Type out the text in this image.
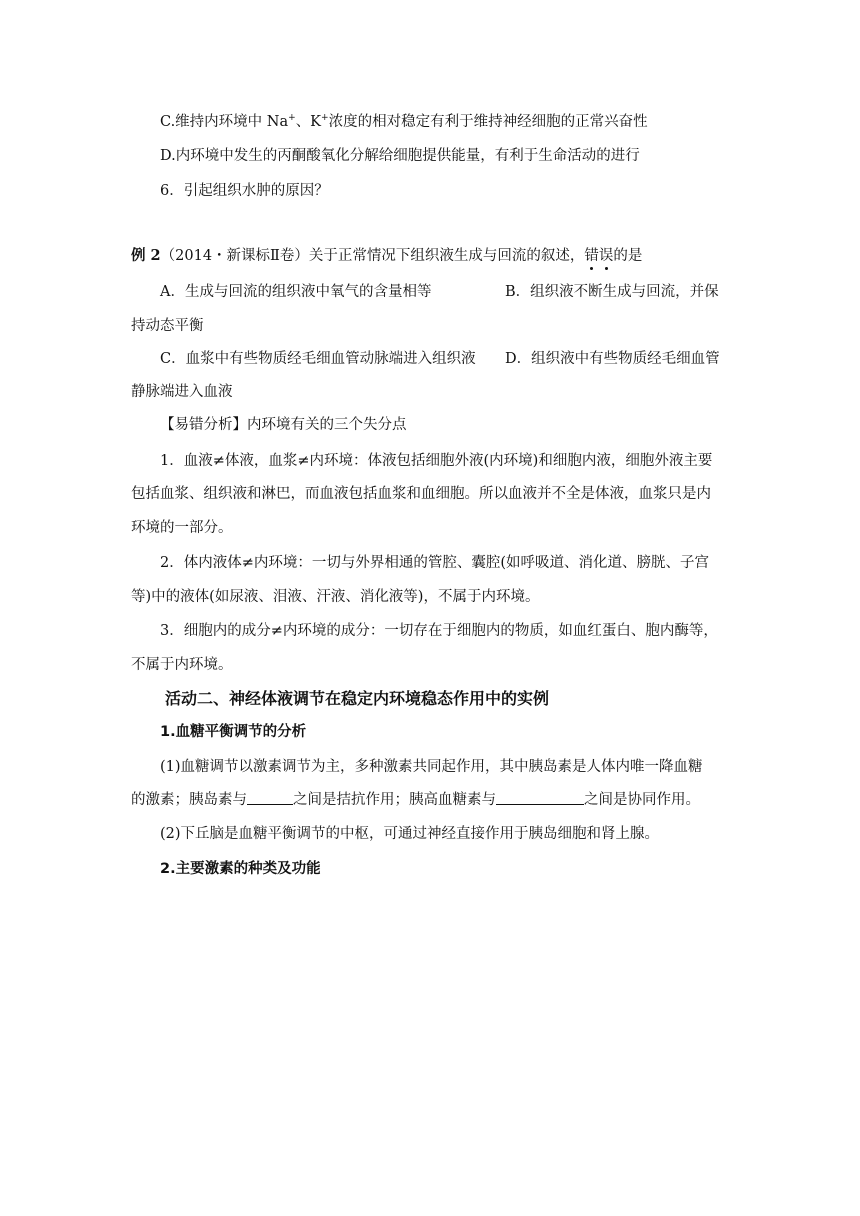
C.维持内环境中 Na+、K+浓度的相对稳定有利于维持神经细胞的正常兴奋性
D.内环境中发生的丙酮酸氧化分解给细胞提供能量，有利于生命活动的进行
6．引起组织水肿的原因？
例 2（2014・新课标Ⅱ卷）关于正常情况下组织液生成与回流的叙述，错误的是
A．生成与回流的组织液中氧气的含量相等	B．组织液不断生成与回流，并保
持动态平衡
C．血浆中有些物质经毛细血管动脉端进入组织液 D．组织液中有些物质经毛细血管
静脉端进入血液
【易错分析】内环境有关的三个失分点
1．血液≠体液，血浆≠内环境：体液包括细胞外液(内环境)和细胞内液，细胞外液主要
包括血浆、组织液和淋巴，而血液包括血浆和血细胞。所以血液并不全是体液，血浆只是内
环境的一部分。
2．体内液体≠内环境：一切与外界相通的管腔、囊腔(如呼吸道、消化道、膀胱、子宫
等)中的液体(如尿液、泪液、汗液、消化液等)，不属于内环境。
3．细胞内的成分≠内环境的成分：一切存在于细胞内的物质，如血红蛋白、胞内酶等，
不属于内环境。
活动二、神经体液调节在稳定内环境稳态作用中的实例
1.血糖平衡调节的分析
(1)血糖调节以激素调节为主，多种激素共同起作用，其中胰岛素是人体内唯一降血糖
的激素；胰岛素与	之间是拮抗作用；胰高血糖素与	之间是协同作用。
(2)下丘脑是血糖平衡调节的中枢，可通过神经直接作用于胰岛细胞和肾上腺。
2.主要激素的种类及功能
